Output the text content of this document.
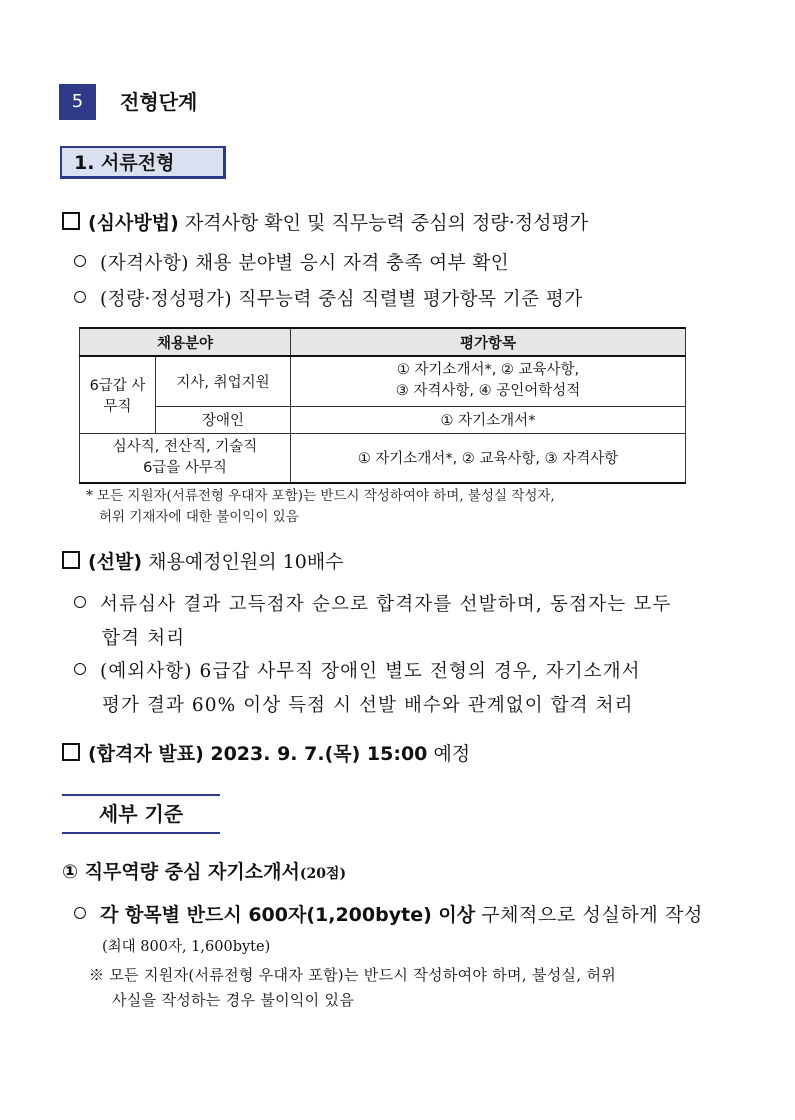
5	전형단계
1. 서류전형
(심사방법) 자격사항 확인 및 직무능력 중심의 정량·정성평가
(자격사항) 채용 분야별 응시 자격 충족 여부 확인
(정량·정성평가) 직무능력 중심 직렬별 평가항목 기준 평가
채용분야		평가항목
6급갑 사무직	지사, 취업지원	① 자기소개서*, ② 교육사항,
③ 자격사항, ④ 공인어학성적

	장애인	① 자기소개서*

심사직, 전산직, 기술직
6급을 사무직		① 자기소개서*, ② 교육사항, ③ 자격사항
* 모든 지원자(서류전형 우대자 포함)는 반드시 작성하여야 하며, 불성실 작성자,
허위 기재자에 대한 불이익이 있음
(선발) 채용예정인원의 10배수
서류심사 결과 고득점자 순으로 합격자를 선발하며, 동점자는 모두
합격 처리
(예외사항) 6급갑 사무직 장애인 별도 전형의 경우, 자기소개서
평가 결과 60% 이상 득점 시 선발 배수와 관계없이 합격 처리
(합격자 발표) 2023. 9. 7.(목) 15:00 예정
세부 기준
① 직무역량 중심 자기소개서(20점)
각 항목별 반드시 600자(1,200byte) 이상 구체적으로 성실하게 작성
(최대 800자, 1,600byte)
※ 모든 지원자(서류전형 우대자 포함)는 반드시 작성하여야 하며, 불성실, 허위
사실을 작성하는 경우 불이익이 있음
